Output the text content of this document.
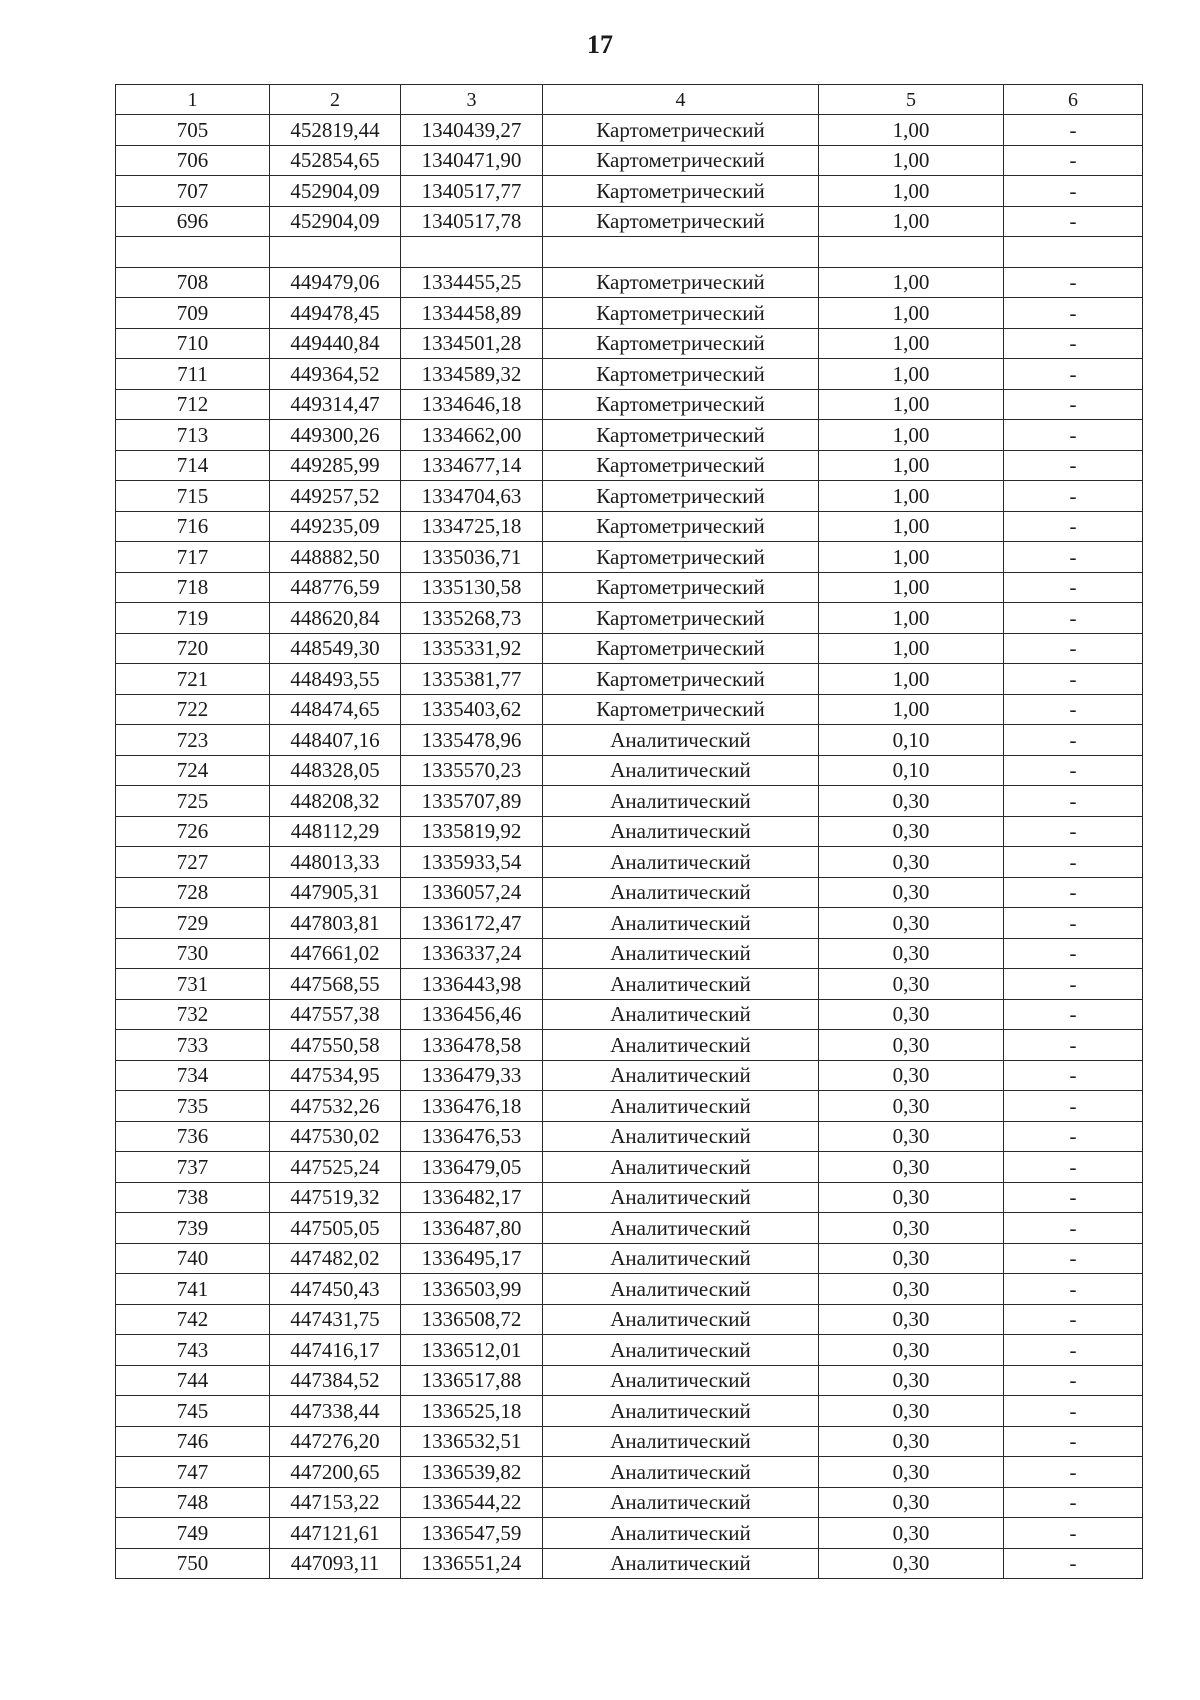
17
1	2	3	4	5	6
705	452819,44	1340439,27	Картометрический	1,00	-
706	452854,65	1340471,90	Картометрический	1,00	-
707	452904,09	1340517,77	Картометрический	1,00	-
696	452904,09	1340517,78	Картометрический	1,00	-

708	449479,06	1334455,25	Картометрический	1,00	-
709	449478,45	1334458,89	Картометрический	1,00	-
710	449440,84	1334501,28	Картометрический	1,00	-
711	449364,52	1334589,32	Картометрический	1,00	-
712	449314,47	1334646,18	Картометрический	1,00	-
713	449300,26	1334662,00	Картометрический	1,00	-
714	449285,99	1334677,14	Картометрический	1,00	-
715	449257,52	1334704,63	Картометрический	1,00	-
716	449235,09	1334725,18	Картометрический	1,00	-
717	448882,50	1335036,71	Картометрический	1,00	-
718	448776,59	1335130,58	Картометрический	1,00	-
719	448620,84	1335268,73	Картометрический	1,00	-
720	448549,30	1335331,92	Картометрический	1,00	-
721	448493,55	1335381,77	Картометрический	1,00	-
722	448474,65	1335403,62	Картометрический	1,00	-
723	448407,16	1335478,96	Аналитический	0,10	-
724	448328,05	1335570,23	Аналитический	0,10	-
725	448208,32	1335707,89	Аналитический	0,30	-
726	448112,29	1335819,92	Аналитический	0,30	-
727	448013,33	1335933,54	Аналитический	0,30	-
728	447905,31	1336057,24	Аналитический	0,30	-
729	447803,81	1336172,47	Аналитический	0,30	-
730	447661,02	1336337,24	Аналитический	0,30	-
731	447568,55	1336443,98	Аналитический	0,30	-
732	447557,38	1336456,46	Аналитический	0,30	-
733	447550,58	1336478,58	Аналитический	0,30	-
734	447534,95	1336479,33	Аналитический	0,30	-
735	447532,26	1336476,18	Аналитический	0,30	-
736	447530,02	1336476,53	Аналитический	0,30	-
737	447525,24	1336479,05	Аналитический	0,30	-
738	447519,32	1336482,17	Аналитический	0,30	-
739	447505,05	1336487,80	Аналитический	0,30	-
740	447482,02	1336495,17	Аналитический	0,30	-
741	447450,43	1336503,99	Аналитический	0,30	-
742	447431,75	1336508,72	Аналитический	0,30	-
743	447416,17	1336512,01	Аналитический	0,30	-
744	447384,52	1336517,88	Аналитический	0,30	-
745	447338,44	1336525,18	Аналитический	0,30	-
746	447276,20	1336532,51	Аналитический	0,30	-
747	447200,65	1336539,82	Аналитический	0,30	-
748	447153,22	1336544,22	Аналитический	0,30	-
749	447121,61	1336547,59	Аналитический	0,30	-
750	447093,11	1336551,24	Аналитический	0,30	-
